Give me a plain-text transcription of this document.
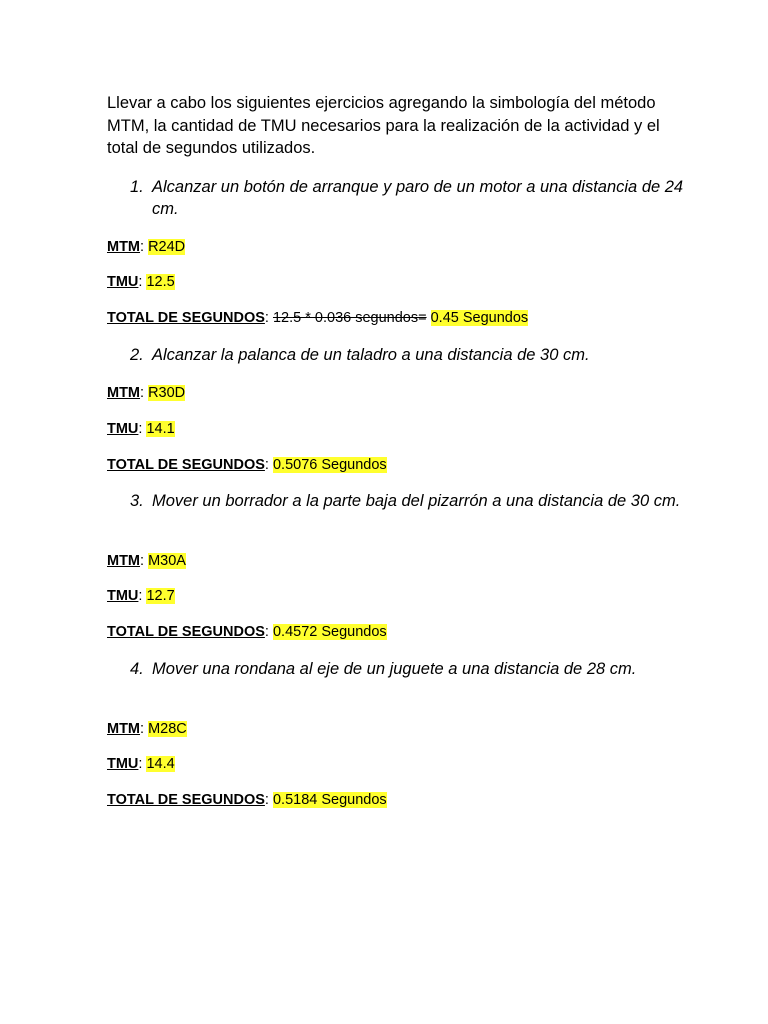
Llevar a cabo los siguientes ejercicios agregando la simbología del método MTM, la cantidad de TMU necesarios para la realización de la actividad y el total de segundos utilizados.

1. Alcanzar un botón de arranque y paro de un motor a una distancia de 24 cm.
MTM: R24D
TMU: 12.5
TOTAL DE SEGUNDOS: 12.5 * 0.036 segundos= 0.45 Segundos
2. Alcanzar la palanca de un taladro a una distancia de 30 cm.
MTM: R30D
TMU: 14.1
TOTAL DE SEGUNDOS: 0.5076 Segundos
3. Mover un borrador a la parte baja del pizarrón a una distancia de 30 cm.
MTM: M30A
TMU: 12.7
TOTAL DE SEGUNDOS: 0.4572 Segundos
4. Mover una rondana al eje de un juguete a una distancia de 28 cm.
MTM: M28C
TMU: 14.4
TOTAL DE SEGUNDOS: 0.5184 Segundos
